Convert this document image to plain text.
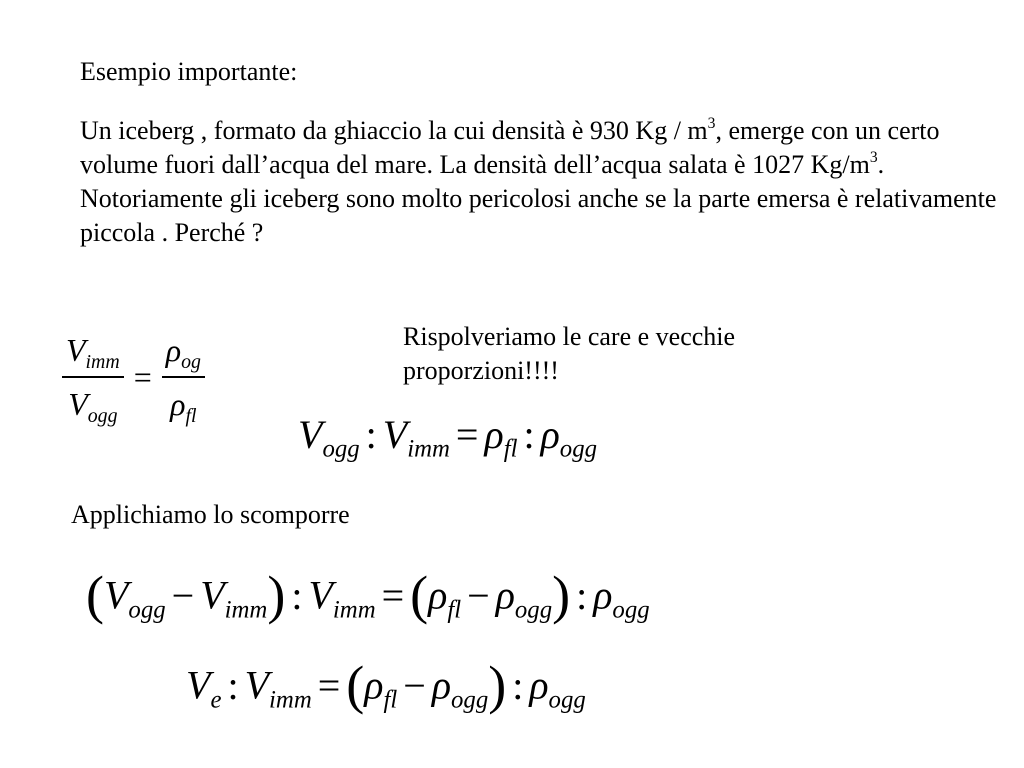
Esempio importante:

Un iceberg , formato da ghiaccio la cui densità è 930 Kg / $m^3$, emerge con un certo volume fuori dall’acqua del mare. La densità dell’acqua salata è 1027 $Kg/m^3$. Notoriamente gli iceberg sono molto pericolosi anche se la parte emersa è relativamente piccola . Perché ?

$\frac{V_{imm}}{V_{ogg}} = \frac{\rho_{og}}{\rho_{fl}}$	Rispolveriamo le care e vecchie proporzioni!!!!
$V_{ogg}$ : $V_{imm} = \rho_{fl}$ : $\rho_{ogg}$
Applichiamo lo scomporre
$(V_{ogg} - V_{imm})$ : $V_{imm} = (\rho_{fl} - \rho_{ogg})$ : $\rho_{ogg}$
$V_e$ : $V_{imm} = (\rho_{fl} - \rho_{ogg})$ : $\rho_{ogg}$
